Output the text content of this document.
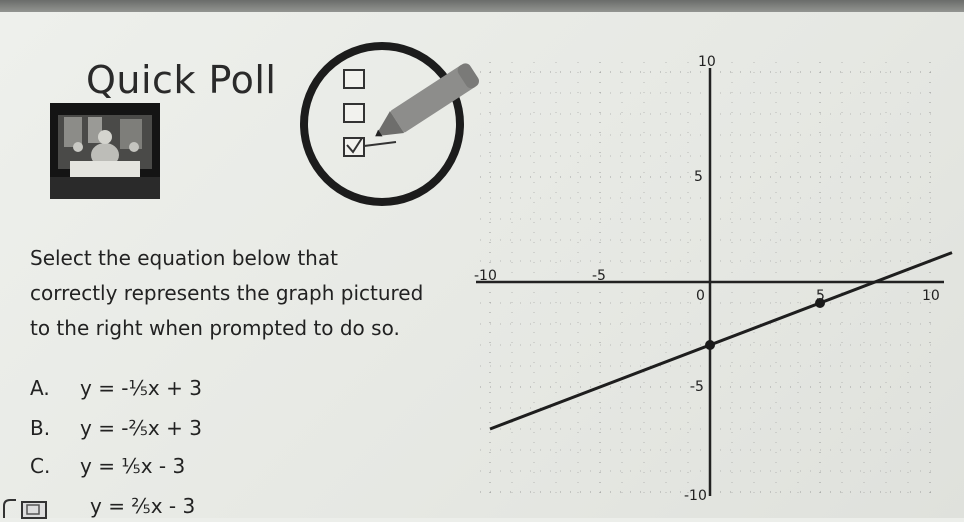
Quick Poll
Select the equation below that
correctly represents the graph pictured
to the right when prompted to do so.
A. y = -⅕x + 3
B. y = -⅖x + 3
C. y = ⅕x - 3
y = ⅖x - 3
-10	-5
0	5	10
10
5
-5
-10
